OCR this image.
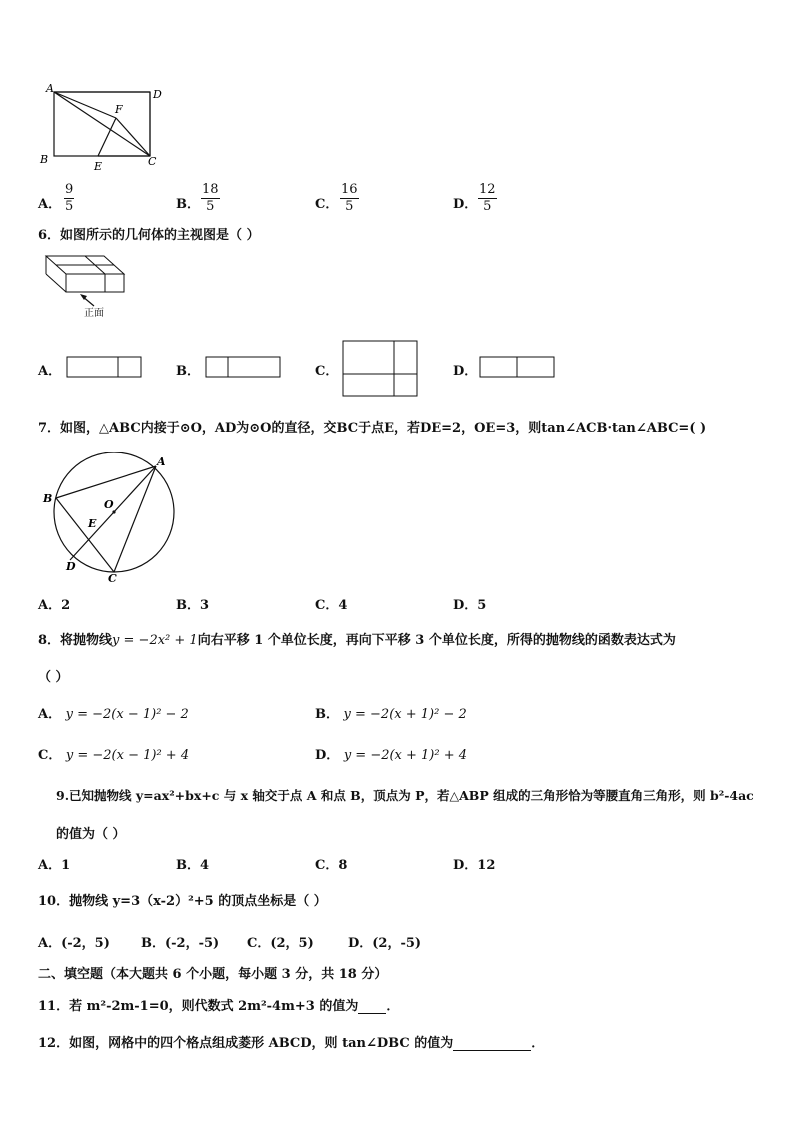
A	D
B
E	C
F
A．
9
5	B．
18
5	C．
16
5	D．
12
5
6．如图所示的几何体的主视图是（ ）
正面
A．	B．	C．	D．
7．如图，△ABC内接于⊙O，AD为⊙O的直径，交BC于点E，若DE=2，OE=3，则tan∠ACB·tan∠ABC=( )
A
B
C
D
E
O
A．2	B．3	C．4	D．5
8．将抛物线y = −2x² + 1向右平移 1 个单位长度，再向下平移 3 个单位长度，所得的抛物线的函数表达式为
（ ）
A． y = −2(x − 1)² − 2	B． y = −2(x + 1)² − 2
C． y = −2(x − 1)² + 4	D． y = −2(x + 1)² + 4
9.已知抛物线 y=ax²+bx+c 与 x 轴交于点 A 和点 B，顶点为 P，若△ABP 组成的三角形恰为等腰直角三角形，则 b²-4ac
的值为（ ）
A．1	B．4	C．8	D．12
10．抛物线 y=3（x-2）²+5 的顶点坐标是（ ）
A．(-2，5) B．(-2，-5) C．(2，5)	D．(2，-5)
二、填空题（本大题共 6 个小题，每小题 3 分，共 18 分）
11．若 m²-2m-1=0，则代数式 2m²-4m+3 的值为 ．
12．如图，网格中的四个格点组成菱形 ABCD，则 tan∠DBC 的值为	．
